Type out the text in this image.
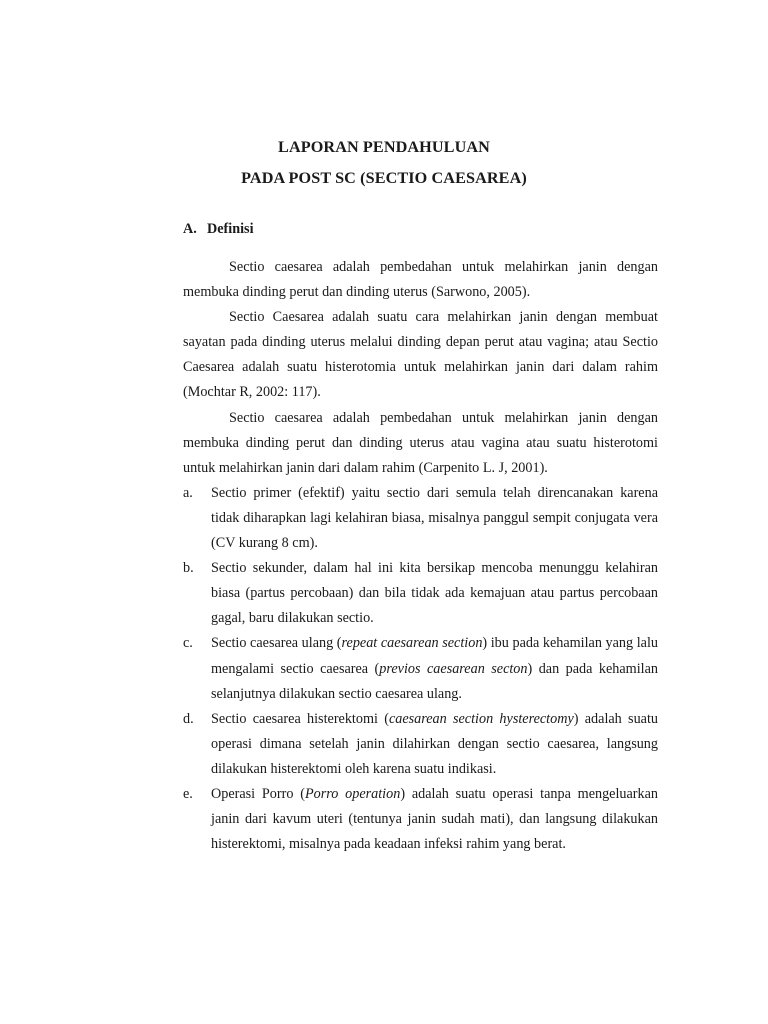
LAPORAN PENDAHULUAN
PADA POST SC (SECTIO CAESAREA)
A. Definisi

Sectio caesarea adalah pembedahan untuk melahirkan janin dengan membuka dinding perut dan dinding uterus (Sarwono, 2005).

Sectio Caesarea adalah suatu cara melahirkan janin dengan membuat sayatan pada dinding uterus melalui dinding depan perut atau vagina; atau Sectio Caesarea adalah suatu histerotomia untuk melahirkan janin dari dalam rahim (Mochtar R, 2002: 117).

Sectio caesarea adalah pembedahan untuk melahirkan janin dengan membuka dinding perut dan dinding uterus atau vagina atau suatu histerotomi untuk melahirkan janin dari dalam rahim (Carpenito L. J, 2001).

a. Sectio primer (efektif) yaitu sectio dari semula telah direncanakan karena tidak diharapkan lagi kelahiran biasa, misalnya panggul sempit conjugata vera (CV kurang 8 cm).
b. Sectio sekunder, dalam hal ini kita bersikap mencoba menunggu kelahiran biasa (partus percobaan) dan bila tidak ada kemajuan atau partus percobaan gagal, baru dilakukan sectio.
c. Sectio caesarea ulang (repeat caesarean section) ibu pada kehamilan yang lalu mengalami sectio caesarea (previos caesarean secton) dan pada kehamilan selanjutnya dilakukan sectio caesarea ulang.
d. Sectio caesarea histerektomi (caesarean section hysterectomy) adalah suatu operasi dimana setelah janin dilahirkan dengan sectio caesarea, langsung dilakukan histerektomi oleh karena suatu indikasi.
e. Operasi Porro (Porro operation) adalah suatu operasi tanpa mengeluarkan janin dari kavum uteri (tentunya janin sudah mati), dan langsung dilakukan histerektomi, misalnya pada keadaan infeksi rahim yang berat.
